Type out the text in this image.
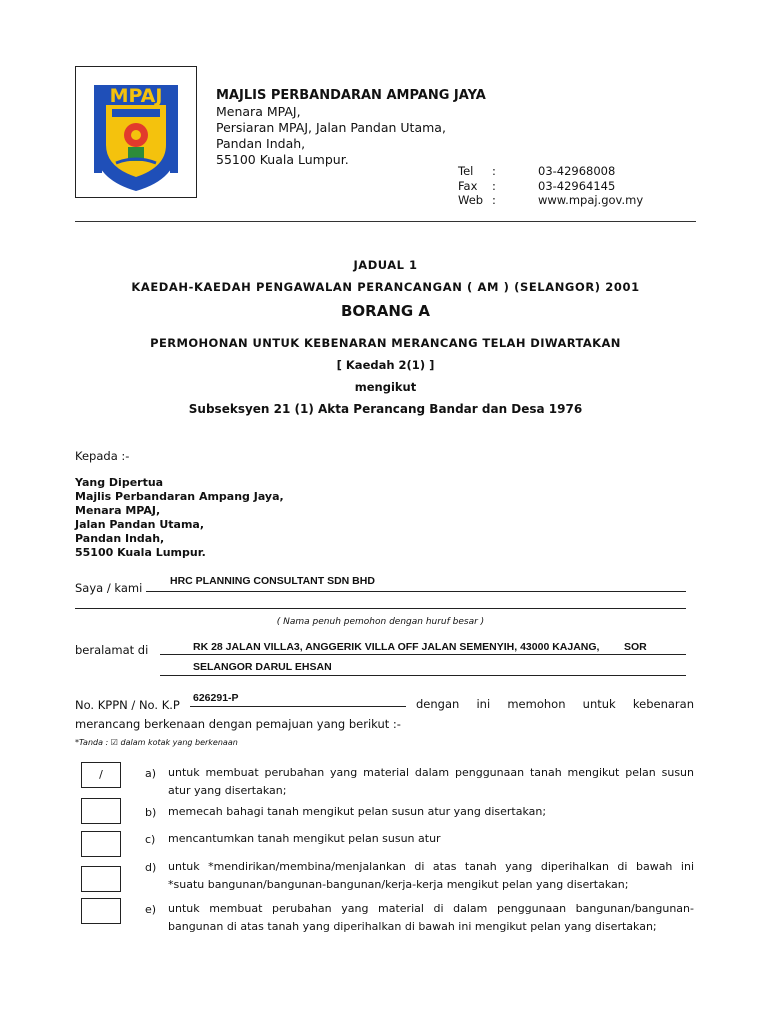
MPAJ	MAJLIS PERBANDARAN AMPANG JAYA
Menara MPAJ,
Persiaran MPAJ, Jalan Pandan Utama,
Pandan Indah,
55100 Kuala Lumpur.
Tel	:	03-42968008
Fax	:	03-42964145
Web :	www.mpaj.gov.my
JADUAL 1
KAEDAH-KAEDAH PENGAWALAN PERANCANGAN ( AM ) (SELANGOR) 2001
BORANG A
PERMOHONAN UNTUK KEBENARAN MERANCANG TELAH DIWARTAKAN
[ Kaedah 2(1) ]
mengikut
Subseksyen 21 (1) Akta Perancang Bandar dan Desa 1976
Kepada :-
Yang Dipertua
Majlis Perbandaran Ampang Jaya,
Menara MPAJ,
Jalan Pandan Utama,
Pandan Indah,
55100 Kuala Lumpur.
Saya / kami	HRC PLANNING CONSULTANT SDN BHD
( Nama penuh pemohon dengan huruf besar )
beralamat di	RK 28 JALAN VILLA3, ANGGERIK VILLA OFF JALAN SEMENYIH, 43000 KAJANG, SOR
SELANGOR DARUL EHSAN
No. KPPN / No. K.P 626291-P	dengan ini memohon untuk kebenaran
merancang berkenaan dengan pemajuan yang berikut :-
*Tanda : ☑ dalam kotak yang berkenaan
/	a) untuk membuat perubahan yang material dalam penggunaan tanah mengikut pelan susun
atur yang disertakan;
b) memecah bahagi tanah mengikut pelan susun atur yang disertakan;
c) mencantumkan tanah mengikut pelan susun atur
d) untuk *mendirikan/membina/menjalankan di atas tanah yang diperihalkan di bawah ini
*suatu bangunan/bangunan-bangunan/kerja-kerja mengikut pelan yang disertakan;
e) untuk membuat perubahan yang material di dalam penggunaan bangunan/bangunan-
bangunan di atas tanah yang diperihalkan di bawah ini mengikut pelan yang disertakan;
